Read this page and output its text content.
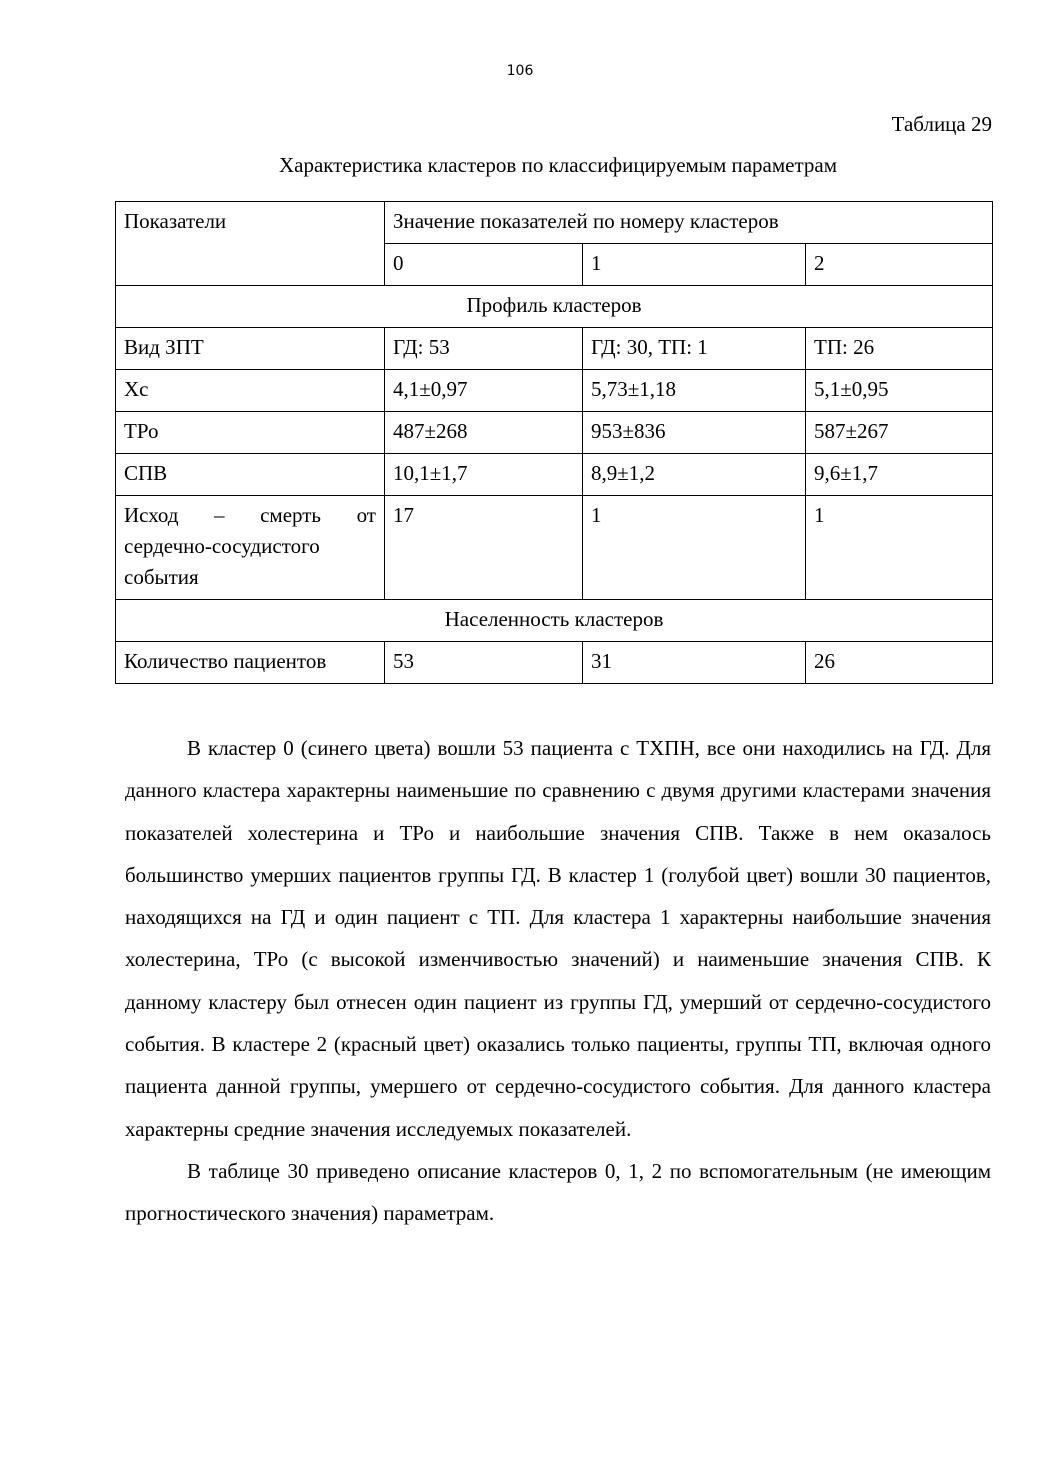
106
Таблица 29
Характеристика кластеров по классифицируемым параметрам
Показатели	Значение показателей по номеру кластеров		
	0	1	2
Профиль кластеров			
Вид ЗПТ	ГД: 53	ГД: 30, ТП: 1	ТП: 26
Хс	4,1±0,97	5,73±1,18	5,1±0,95
ТРо	487±268	953±836	587±267
СПВ	10,1±1,7	8,9±1,2	9,6±1,7

Исход – смерть от
сердечно-сосудистого события	17	1	1
Населенность кластеров			
Количество пациентов	53	31	26

В кластер 0 (синего цвета) вошли 53 пациента с ТХПН, все они находились на ГД. Для данного кластера характерны наименьшие по сравнению с двумя другими кластерами значения показателей холестерина и ТРо и наибольшие значения СПВ. Также в нем оказалось большинство умерших пациентов группы ГД. В кластер 1 (голубой цвет) вошли 30 пациентов, находящихся на ГД и один пациент с ТП. Для кластера 1 характерны наибольшие значения холестерина, ТРо (с высокой изменчивостью значений) и наименьшие значения СПВ. К данному кластеру был отнесен один пациент из группы ГД, умерший от сердечно-сосудистого события. В кластере 2 (красный цвет) оказались только пациенты, группы ТП, включая одного пациента данной группы, умершего от сердечно-сосудистого события. Для данного кластера характерны средние значения исследуемых показателей.

В таблице 30 приведено описание кластеров 0, 1, 2 по вспомогательным (не имеющим прогностического значения) параметрам.
